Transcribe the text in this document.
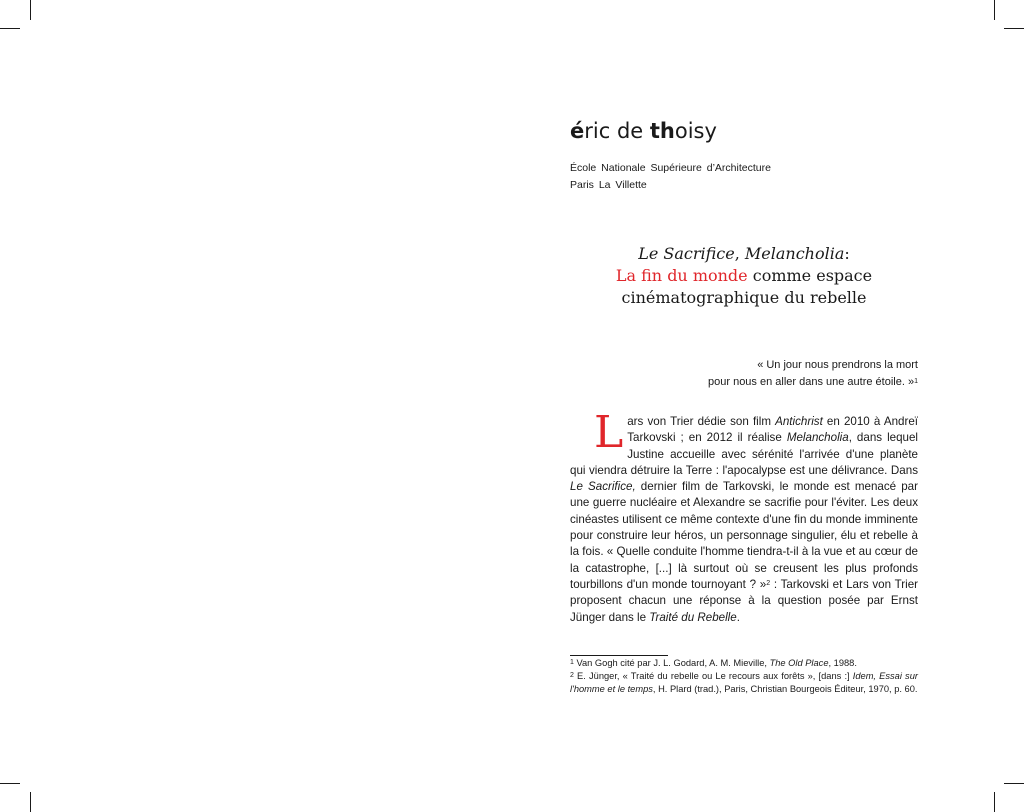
éric de thoisy
École Nationale Supérieure d’Architecture
Paris La Villette
Le Sacrifice, Melancholia:
La fin du monde comme espace
cinématographique du rebelle
« Un jour nous prendrons la mort
pour nous en aller dans une autre étoile. »$^1$
Lars von Trier dédie son film Antichrist en 2010 à Andreï Tarkovski ; en 2012 il réalise Melancholia, dans lequel Justine accueille avec sérénité l'arrivée d'une planète qui viendra détruire la Terre : l'apocalypse est une délivrance. Dans Le Sacrifice, dernier film de Tarkovski, le monde est menacé par une guerre nucléaire et Alexandre se sacrifie pour l'éviter. Les deux cinéastes utilisent ce même contexte d'une fin du monde imminente pour construire leur héros, un personnage singulier, élu et rebelle à la fois. « Quelle conduite l'homme tiendra-t-il à la vue et au cœur de la catastrophe, [...] là surtout où se creusent les plus profonds tourbillons d'un monde tournoyant ? »$^2$ : Tarkovski et Lars von Trier proposent chacun une réponse à la question posée par Ernst Jünger dans le Traité du Rebelle.

$^1$ Van Gogh cité par J. L. Godard, A. M. Mieville, The Old Place, 1988.

$^2$ E. Jünger, « Traité du rebelle ou Le recours aux forêts », [dans :] Idem, Essai sur l'homme et le temps, H. Plard (trad.), Paris, Christian Bourgeois Éditeur, 1970, p. 60.
